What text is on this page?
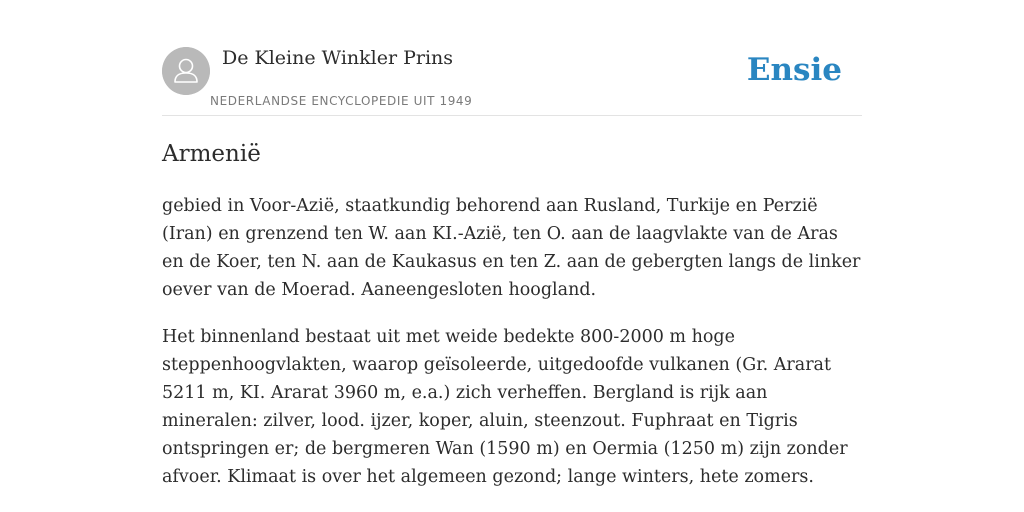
De Kleine Winkler Prins
NEDERLANDSE ENCYCLOPEDIE UIT 1949
Ensie
Armenië

gebied in Voor-Azië, staatkundig behorend aan Rusland, Turkije en Perzië (Iran) en grenzend ten W. aan KI.-Azië, ten O. aan de laagvlakte van de Aras en de Koer, ten N. aan de Kaukasus en ten Z. aan de gebergten langs de linker oever van de Moerad. Aaneengesloten hoogland.

Het binnenland bestaat uit met weide bedekte 800-2000 m hoge steppenhoogvlakten, waarop geïsoleerde, uitgedoofde vulkanen (Gr. Ararat 5211 m, KI. Ararat 3960 m, e.a.) zich verheffen. Bergland is rijk aan mineralen: zilver, lood. ijzer, koper, aluin, steenzout. Fuphraat en Tigris ontspringen er; de bergmeren Wan (1590 m) en Oermia (1250 m) zijn zonder afvoer. Klimaat is over het algemeen gezond; lange winters, hete zomers.
